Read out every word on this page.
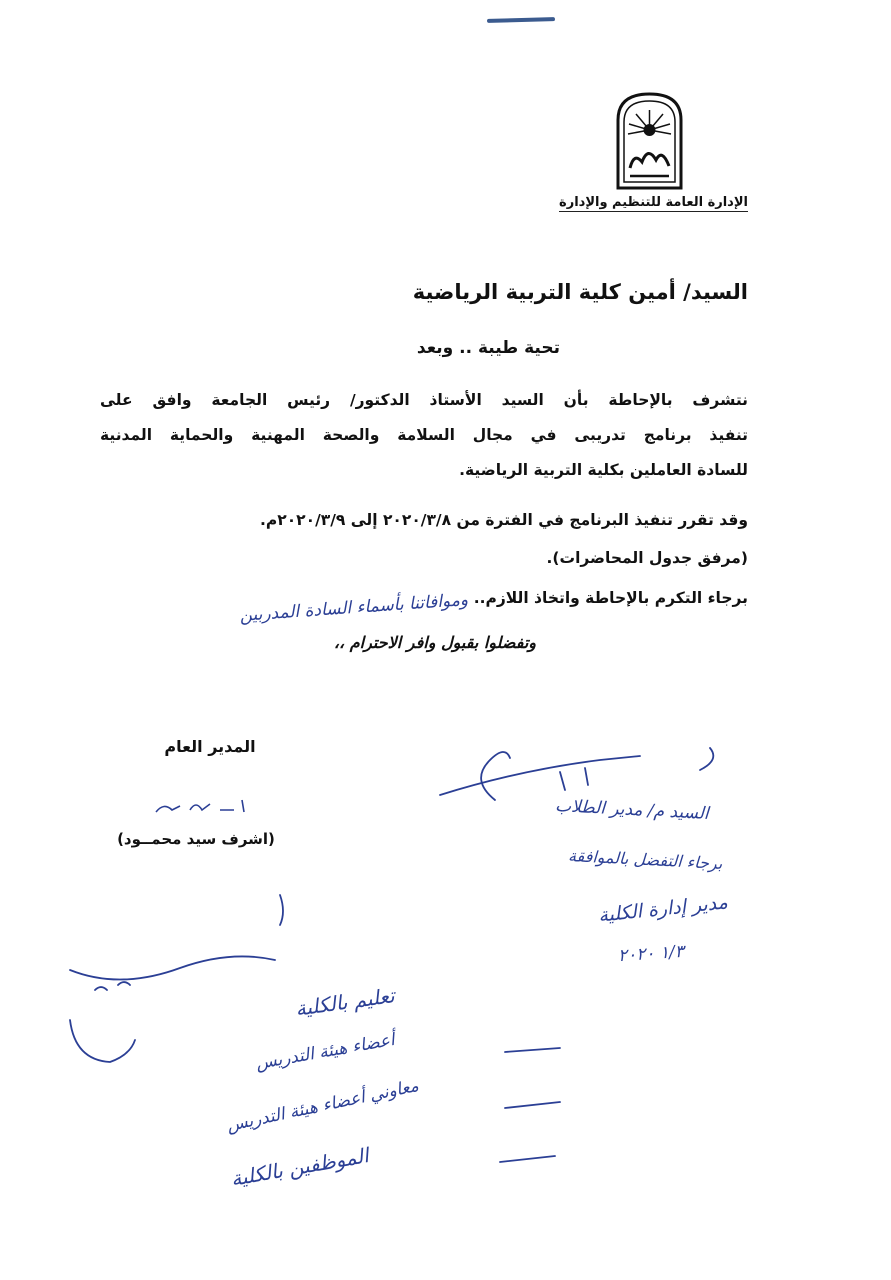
الإدارة العامة للتنظيم والإدارة
السيد/ أمين كلية التربية الرياضية
تحية طيبة .. وبعد
نتشرف بالإحاطة بأن السيد الأستاذ الدكتور/ رئيس الجامعة وافق على
تنفيذ برنامج تدريبى في مجال السلامة والصحة المهنية والحماية المدنية
للسادة العاملين بكلية التربية الرياضية.
وقد تقرر تنفيذ البرنامج في الفترة من ٢٠٢٠/٣/٨ إلى ٢٠٢٠/٣/٩م.
(مرفق جدول المحاضرات).
برجاء التكرم بالإحاطة واتخاذ اللازم..
وموافاتنا بأسماء السادة المدربين
وتفضلوا بقبول وافر الاحترام ،،
المدير العام
(اشرف سيد محمــود)
السيد م/ مدير الطلاب
برجاء التفضل بالموافقة
مدير إدارة الكلية
١/٣ ٢٠٢٠
تعليم بالكلية
أعضاء هيئة التدريس
معاوني أعضاء هيئة التدريس
الموظفين بالكلية
